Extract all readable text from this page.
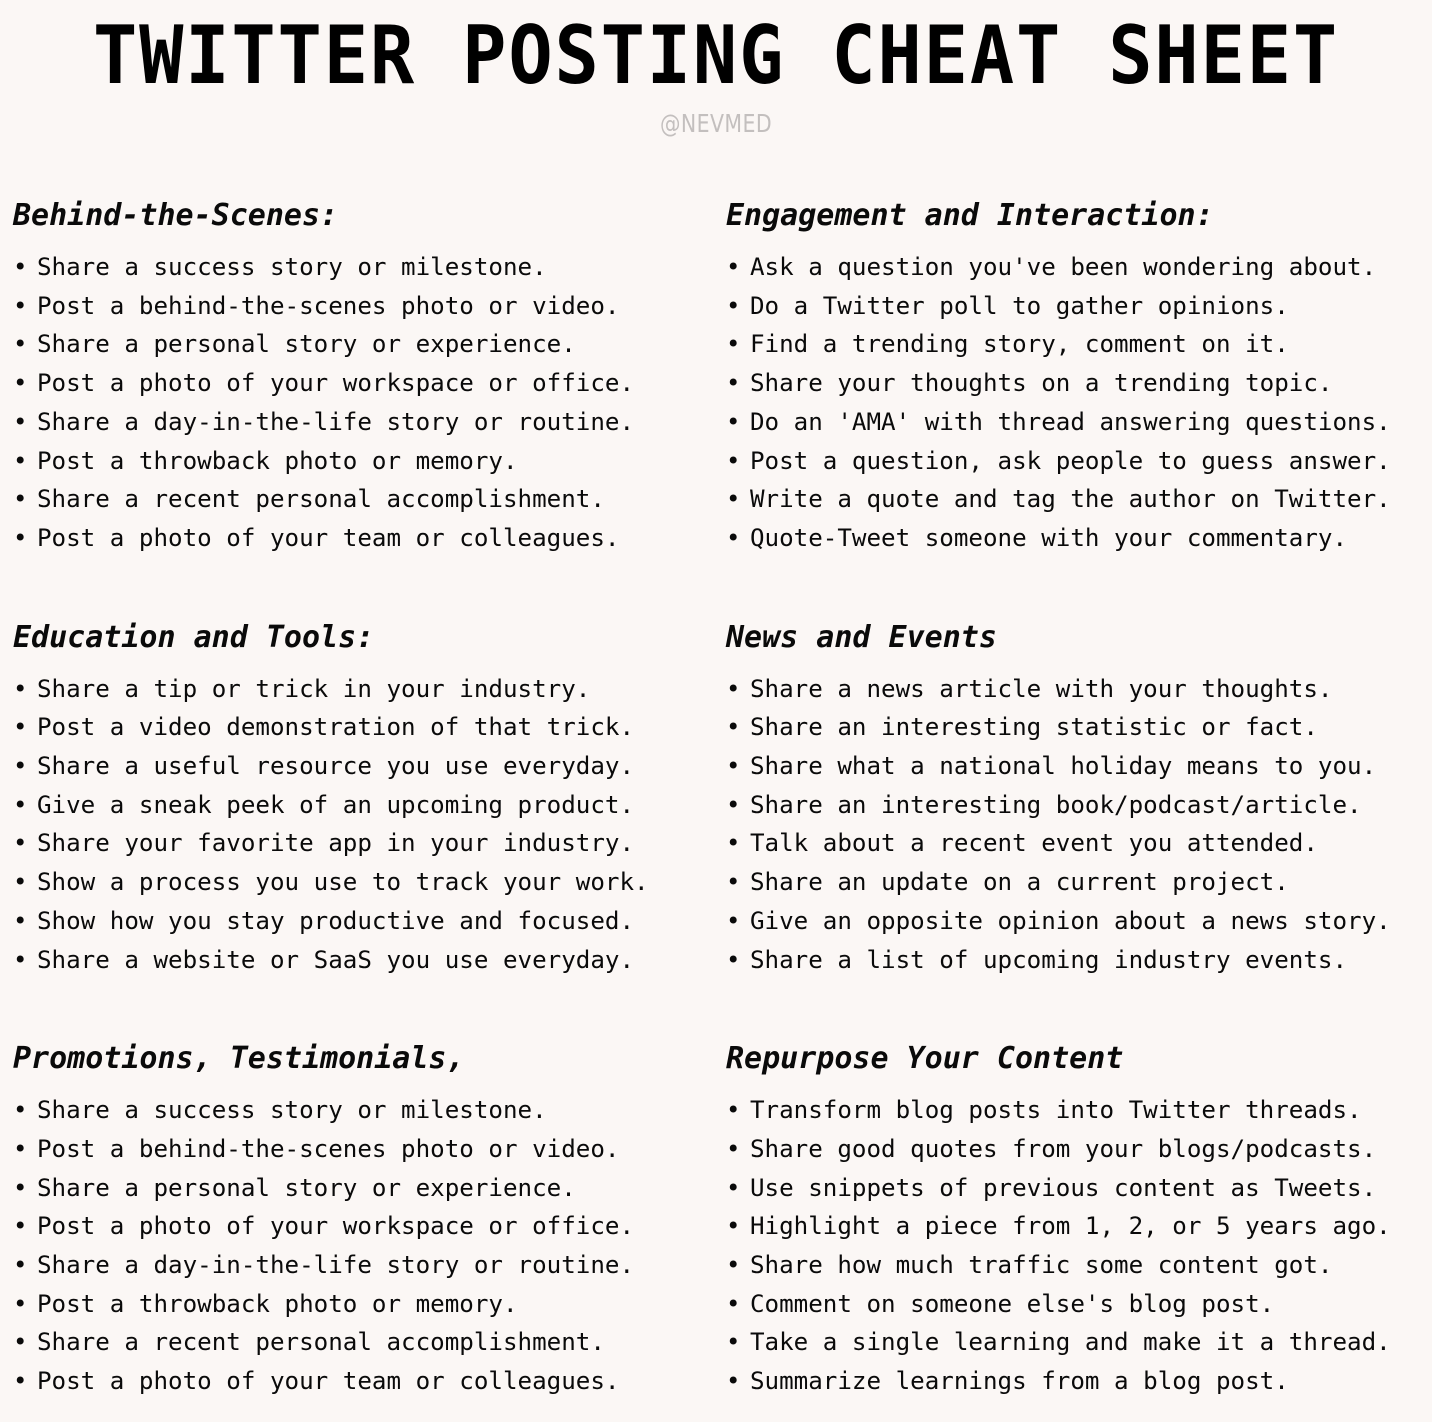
TWITTER POSTING CHEAT SHEET
@NEVMED
Behind-the-Scenes:
• Share a success story or milestone.
• Post a behind-the-scenes photo or video.
• Share a personal story or experience.
• Post a photo of your workspace or office.
• Share a day-in-the-life story or routine.
• Post a throwback photo or memory.
• Share a recent personal accomplishment.
• Post a photo of your team or colleagues.
Education and Tools:
• Share a tip or trick in your industry.
• Post a video demonstration of that trick.
• Share a useful resource you use everyday.
• Give a sneak peek of an upcoming product.
• Share your favorite app in your industry.
• Show a process you use to track your work.
• Show how you stay productive and focused.
• Share a website or SaaS you use everyday.
Promotions, Testimonials,
• Share a success story or milestone.
• Post a behind-the-scenes photo or video.
• Share a personal story or experience.
• Post a photo of your workspace or office.
• Share a day-in-the-life story or routine.
• Post a throwback photo or memory.
• Share a recent personal accomplishment.
• Post a photo of your team or colleagues.
Engagement and Interaction:
• Ask a question you've been wondering about.
• Do a Twitter poll to gather opinions.
• Find a trending story, comment on it.
• Share your thoughts on a trending topic.
• Do an 'AMA' with thread answering questions.
• Post a question, ask people to guess answer.
• Write a quote and tag the author on Twitter.
• Quote-Tweet someone with your commentary.
News and Events
• Share a news article with your thoughts.
• Share an interesting statistic or fact.
• Share what a national holiday means to you.
• Share an interesting book/podcast/article.
• Talk about a recent event you attended.
• Share an update on a current project.
• Give an opposite opinion about a news story.
• Share a list of upcoming industry events.
Repurpose Your Content
• Transform blog posts into Twitter threads.
• Share good quotes from your blogs/podcasts.
• Use snippets of previous content as Tweets.
• Highlight a piece from 1, 2, or 5 years ago.
• Share how much traffic some content got.
• Comment on someone else's blog post.
• Take a single learning and make it a thread.
• Summarize learnings from a blog post.
